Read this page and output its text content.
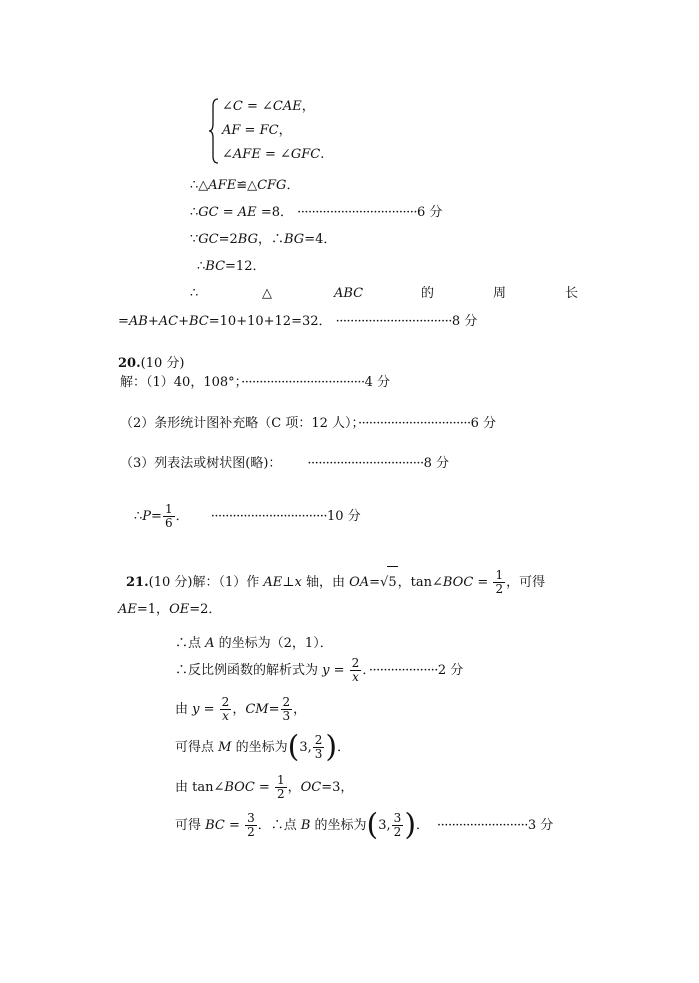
∠C = ∠CAE，
AF = FC，
∠AFE = ∠GFC.
∴△AFE≌△CFG．
∴GC = AE =8． ·································6 分
∵GC=2BG，∴BG=4．
∴BC=12．
∴	△	ABC	的	周	长
=AB+AC+BC=10+10+12=32． ································8 分
20.(10 分)
解：（1）40，108°；··································4 分
（2）条形统计图补充略（C 项：12 人）；·······························6 分
（3）列表法或树状图(略)： ································8 分
∴P= $\frac{1}{6}$ ． ································10 分
21.(10 分)解：（1）作 AE⊥x 轴，由 OA=√5，tan∠BOC = $\frac{1}{2}$ ，可得
AE=1，OE=2．
∴点 A 的坐标为（2，1）．
∴反比例函数的解析式为 $y = \frac{2}{x}$ ．···················2 分
由 $y = \frac{2}{x}$ ，$CM= \frac{2}{3}$ ，
可得点 M 的坐标为(3, $\frac{2}{3}$ )．
由 tan∠BOC = $\frac{1}{2}$ ，OC=3，
可得 BC = $\frac{3}{2}$ ．∴点 B 的坐标为(3, $\frac{3}{2}$ )． ·························3 分
